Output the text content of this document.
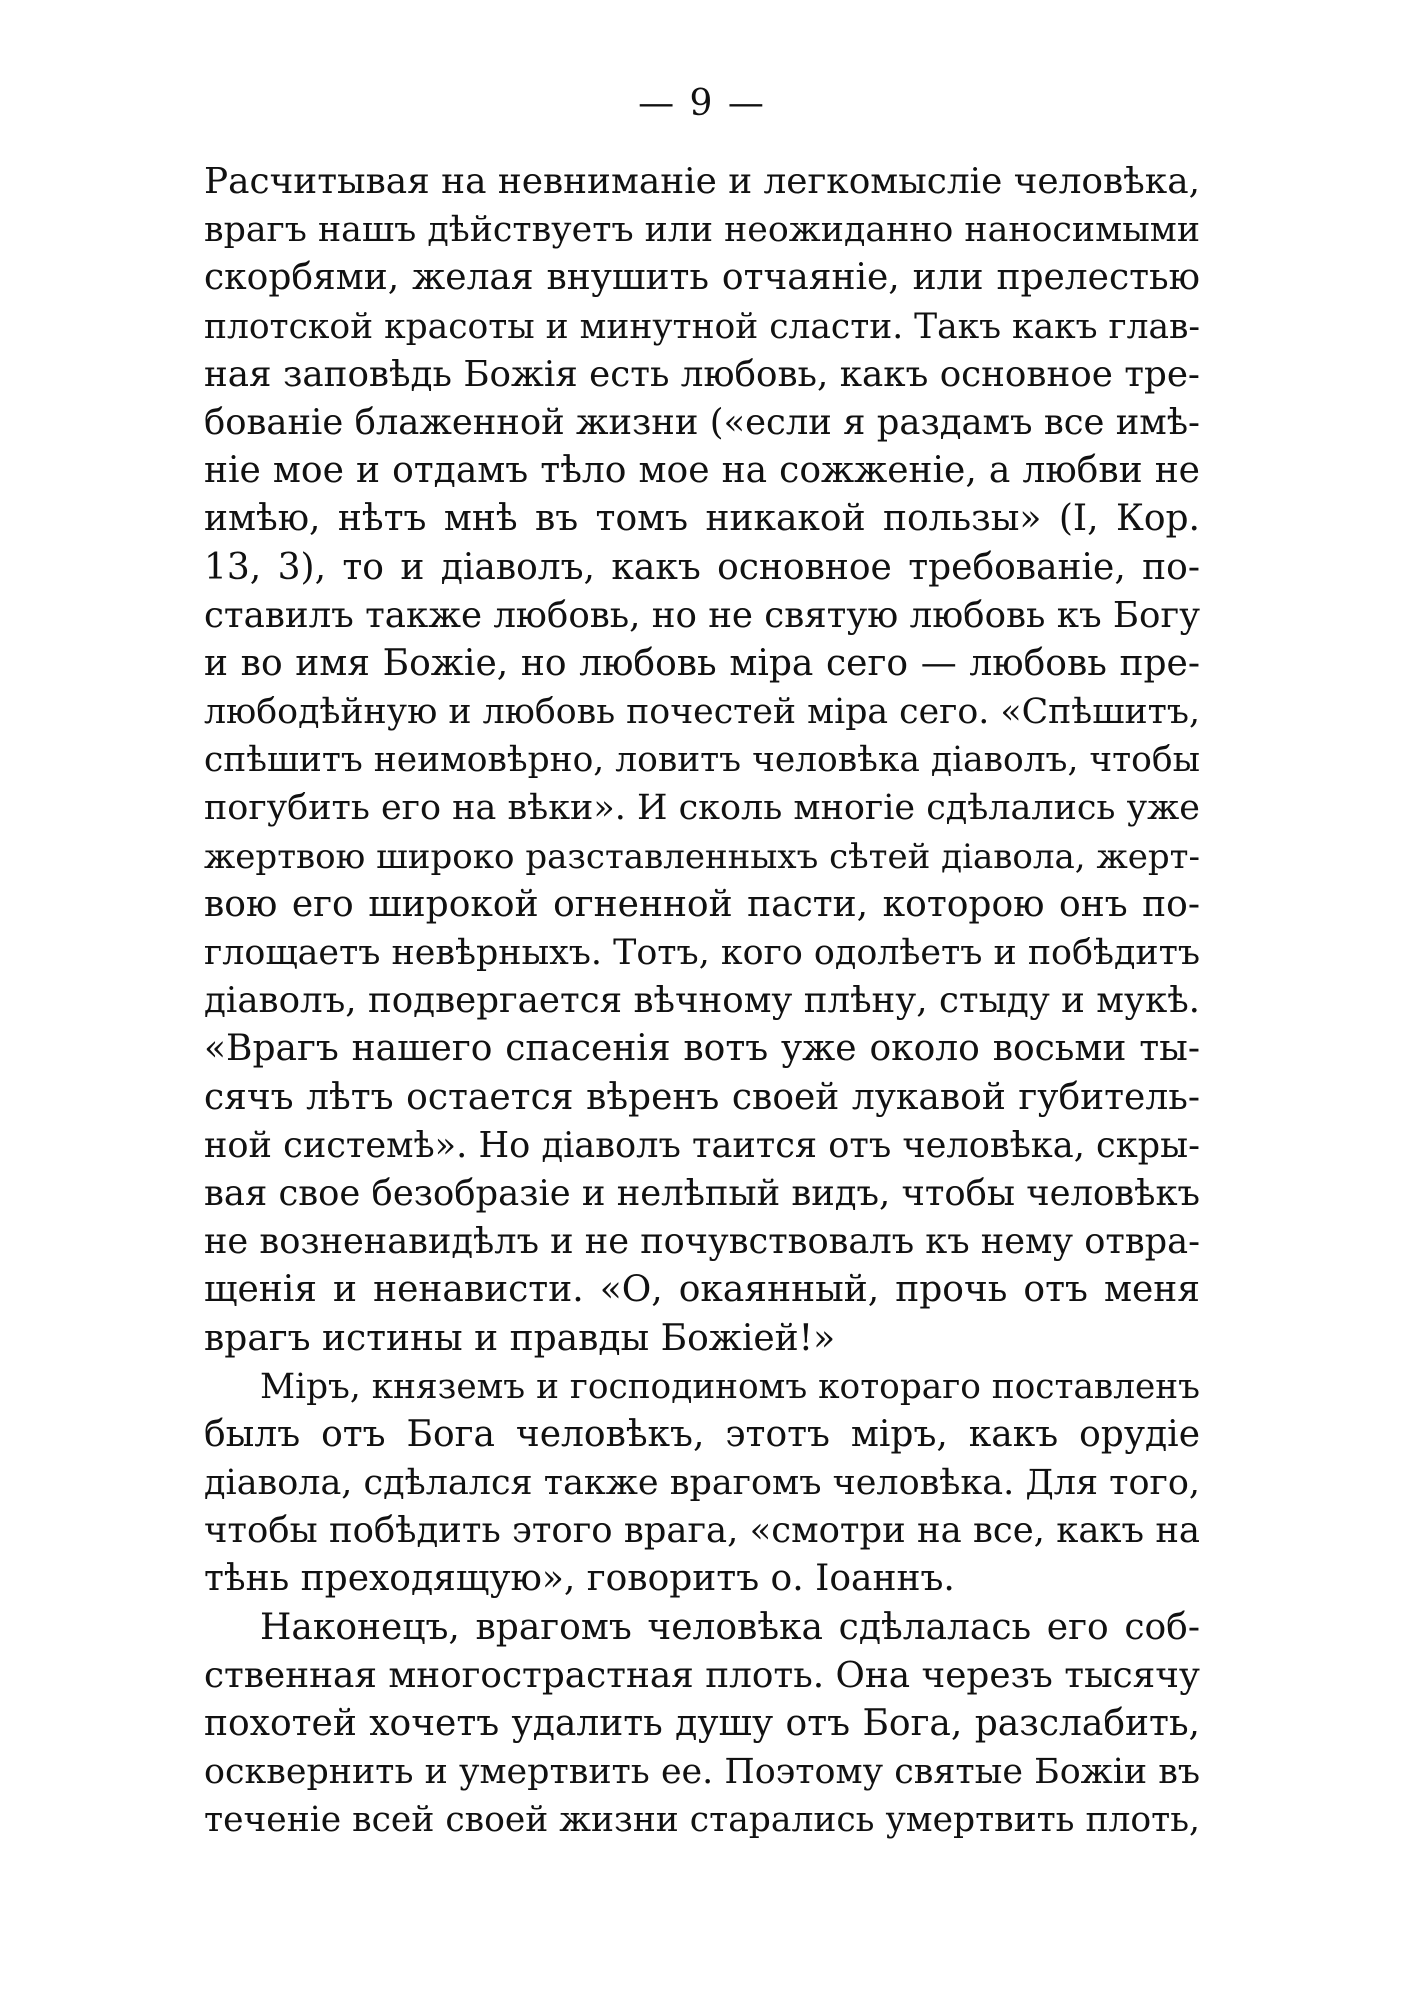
— 9 —
Расчитывая на невниманіе и легкомысліе человѣка,
врагъ нашъ дѣйствуетъ или неожиданно наносимыми
скорбями, желая внушить отчаяніе, или прелестью
плотской красоты и минутной сласти. Такъ какъ глав-
ная заповѣдь Божія есть любовь, какъ основное тре-
бованіе блаженной жизни («если я раздамъ все имѣ-
ніе мое и отдамъ тѣло мое на сожженіе, а любви не
имѣю, нѣтъ мнѣ въ томъ никакой пользы» (I, Кор.
13, 3), то и діаволъ, какъ основное требованіе, по-
ставилъ также любовь, но не святую любовь къ Богу
и во имя Божіе, но любовь міра сего — любовь пре-
любодѣйную и любовь почестей міра сего. «Спѣшитъ,
спѣшитъ неимовѣрно, ловитъ человѣка діаволъ, чтобы
погубить его на вѣки». И сколь многіе сдѣлались уже
жертвою широко разставленныхъ сѣтей діавола, жерт-
вою его широкой огненной пасти, которою онъ по-
глощаетъ невѣрныхъ. Тотъ, кого одолѣетъ и побѣдитъ
діаволъ, подвергается вѣчному плѣну, стыду и мукѣ.
«Врагъ нашего спасенія вотъ уже около восьми ты-
сячъ лѣтъ остается вѣренъ своей лукавой губитель-
ной системѣ». Но діаволъ таится отъ человѣка, скры-
вая свое безобразіе и нелѣпый видъ, чтобы человѣкъ
не возненавидѣлъ и не почувствовалъ къ нему отвра-
щенія и ненависти. «О, окаянный, прочь отъ меня
врагъ истины и правды Божіей!»
Міръ, княземъ и господиномъ котораго поставленъ
былъ отъ Бога человѣкъ, этотъ міръ, какъ орудіе
діавола, сдѣлался также врагомъ человѣка. Для того,
чтобы побѣдить этого врага, «смотри на все, какъ на
тѣнь преходящую», говоритъ о. Іоаннъ.
Наконецъ, врагомъ человѣка сдѣлалась его соб-
ственная многострастная плоть. Она черезъ тысячу
похотей хочетъ удалить душу отъ Бога, разслабить,
осквернить и умертвить ее. Поэтому святые Божіи въ
теченіе всей своей жизни старались умертвить плоть,
